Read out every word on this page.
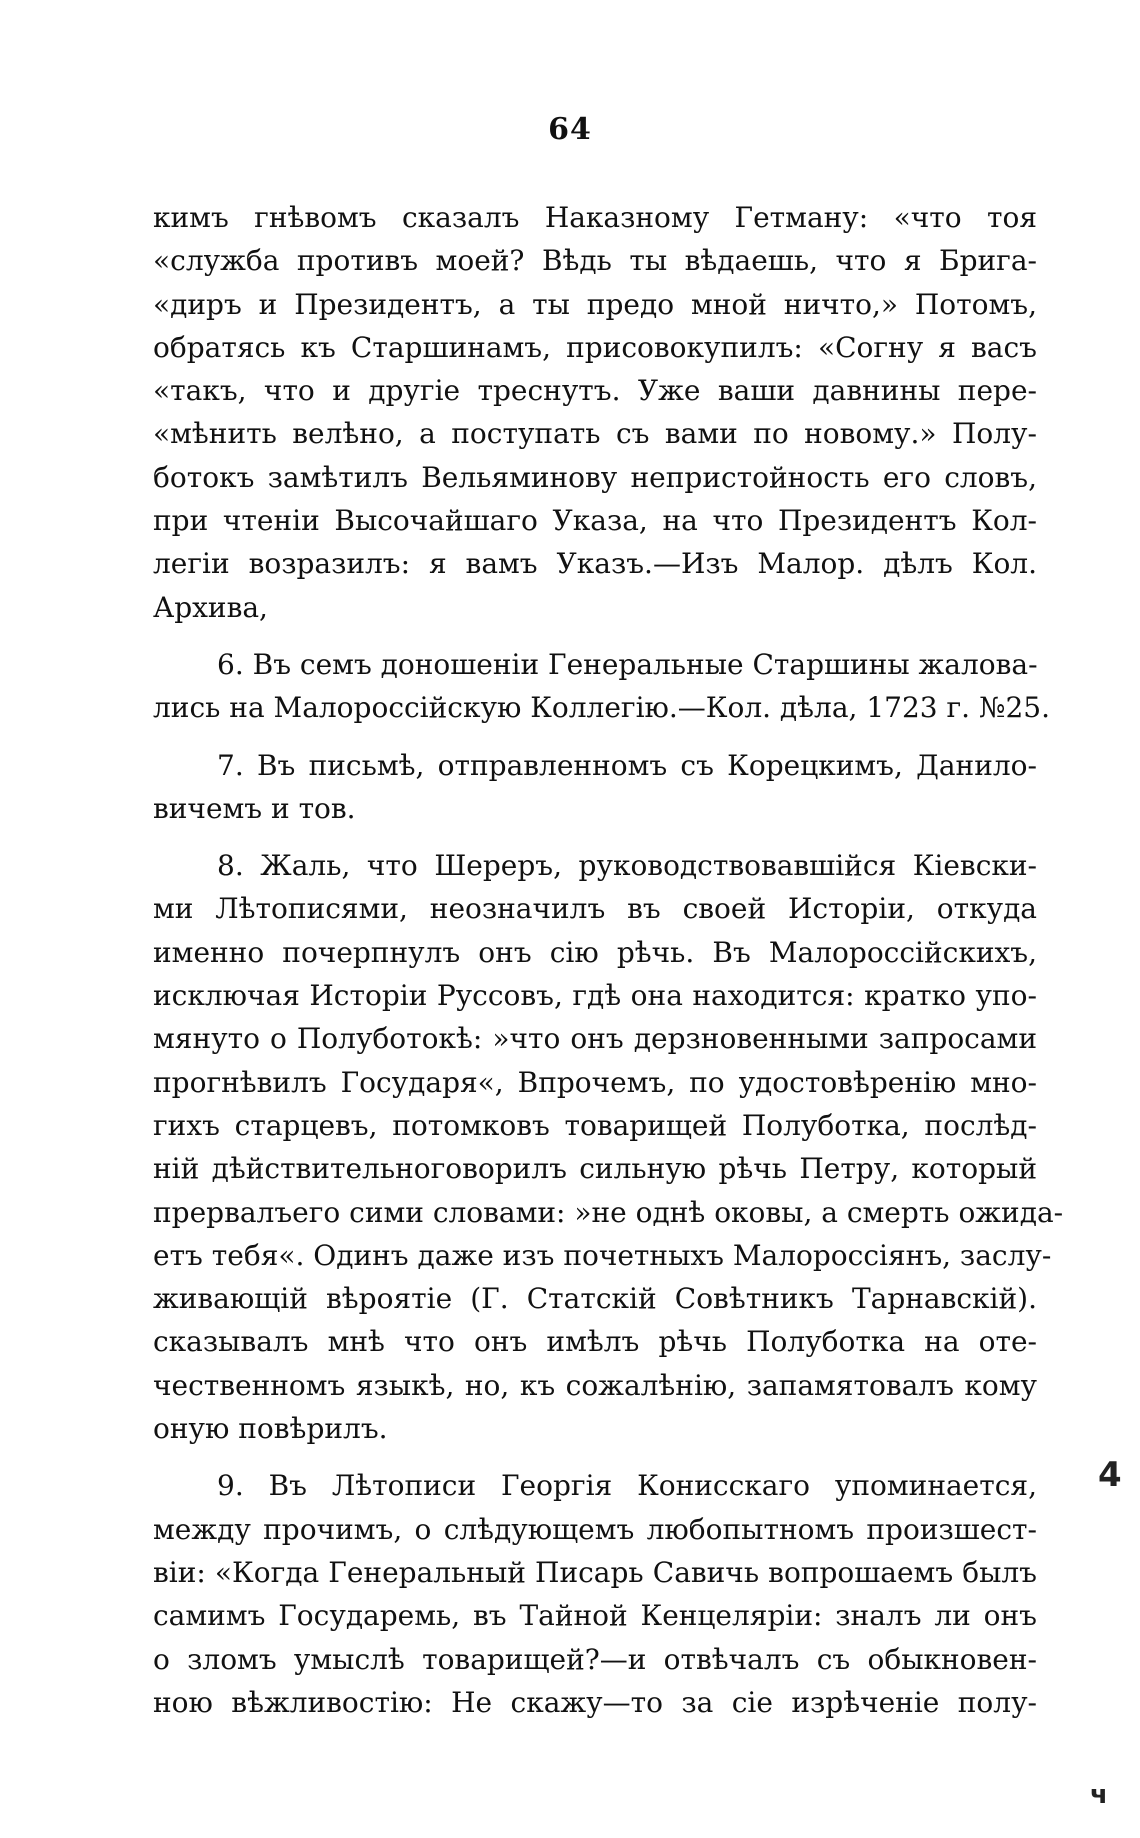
64
кимъ гнѣвомъ сказалъ Наказному Гетману: «что тоя
«служба противъ моей? Вѣдь ты вѣдаешь, что я Брига-
«диръ и Президентъ, а ты предо мной ничто,» Потомъ,
обратясь къ Старшинамъ, присовокупилъ: «Согну я васъ
«такъ, что и другіе треснутъ. Уже ваши давнины пере-
«мѣнить велѣно, а поступать съ вами по новому.» Полу-
ботокъ замѣтилъ Вельяминову непристойность его словъ,
при чтеніи Высочайшаго Указа, на что Президентъ Кол-
легіи возразилъ: я вамъ Указъ.—Изъ Малор. дѣлъ Кол.
Архива,
6. Въ семъ доношеніи Генеральные Старшины жалова-
лись на Малороссійскую Коллегію.—Кол. дѣла, 1723 г. №25.
7. Въ письмѣ, отправленномъ съ Корецкимъ, Данило-
вичемъ и тов.
8. Жаль, что Шереръ, руководствовавшійся Кіевски-
ми Лѣтописями, неозначилъ въ своей Исторіи, откуда
именно почерпнулъ онъ сію рѣчь. Въ Малороссійскихъ,
исключая Исторіи Руссовъ, гдѣ она находится: кратко упо-
мянуто о Полуботокѣ: »что онъ дерзновенными запросами
прогнѣвилъ Государя«, Впрочемъ, по удостовѣренію мно-
гихъ старцевъ, потомковъ товарищей Полуботка, послѣд-
ній дѣйствительноговорилъ сильную рѣчь Петру, который
прервалъего сими словами: »не однѣ оковы, а смерть ожида-
етъ тебя«. Одинъ даже изъ почетныхъ Малороссіянъ, заслу-
живающій вѣроятіе (Г. Статскій Совѣтникъ Тарнавскій).
сказывалъ мнѣ что онъ имѣлъ рѣчь Полуботка на оте-
чественномъ языкѣ, но, къ сожалѣнію, запамятовалъ кому
оную повѣрилъ.
9. Въ Лѣтописи Георгія Конисскаго упоминается,
между прочимъ, о слѣдующемъ любопытномъ произшест-
віи: «Когда Генеральный Писарь Савичь вопрошаемъ былъ
самимъ Государемь, въ Тайной Кенцеляріи: зналъ ли онъ
о зломъ умыслѣ товарищей?—и отвѣчалъ съ обыкновен-
ною вѣжливостію: Не скажу—то за сіе изрѣченіе полу-
4
ч
